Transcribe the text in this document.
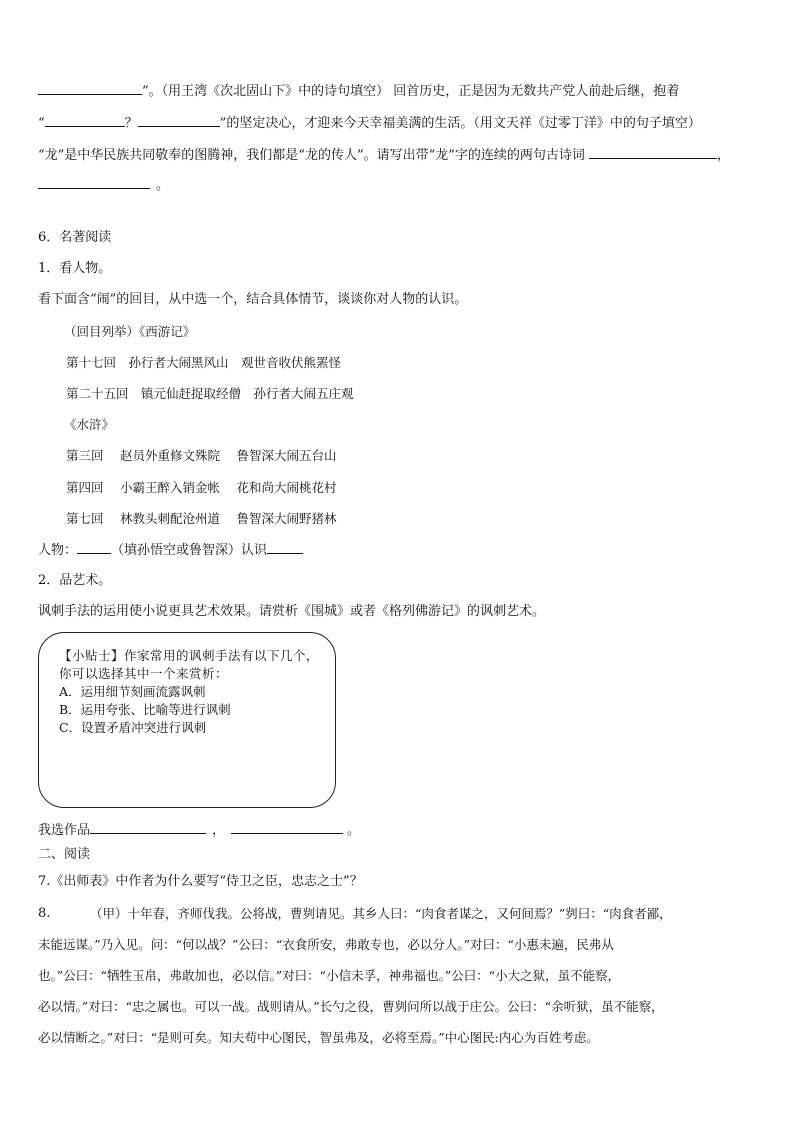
”。（用王湾《次北固山下》中的诗句填空） 回首历史，正是因为无数共产党人前赴后继，抱着
“	？	”的坚定决心，才迎来今天幸福美满的生活。（用文天祥《过零丁洋》中的句子填空）
“龙”是中华民族共同敬奉的图腾神，我们都是“龙的传人”。请写出带“龙”字的连续的两句古诗词	，
。
6．名著阅读
1．看人物。
看下面含“闹”的回目，从中选一个，结合具体情节，谈谈你对人物的认识。
（回目列举）《西游记》
第十七回　孙行者大闹黑风山　观世音收伏熊罴怪
第二十五回　镇元仙赶捉取经僧　孙行者大闹五庄观
《水浒》
第三回　 赵员外重修文殊院　 鲁智深大闹五台山
第四回　 小霸王醉入销金帐　 花和尚大闹桃花村
第七回　 林教头刺配沧州道　 鲁智深大闹野猪林
人物：	（填孙悟空或鲁智深）认识
2．品艺术。
讽刺手法的运用使小说更具艺术效果。请赏析《围城》或者《格列佛游记》的讽刺艺术。
【小贴士】作家常用的讽刺手法有以下几个，你可以选择其中一个来赏析：
A．运用细节刻画流露讽刺
B．运用夸张、比喻等进行讽刺
C．设置矛盾冲突进行讽刺
我选作品	，	。
二、阅读
7.《出师表》中作者为什么要写“侍卫之臣，忠志之士”？
8.	（甲）十年春，齐师伐我。公将战，曹刿请见。其乡人曰：“肉食者谋之，又何间焉？”刿曰：“肉食者鄙，
未能远谋。”乃入见。问：“何以战？”公曰：“衣食所安，弗敢专也，必以分人。”对曰：“小惠未遍，民弗从
也。”公曰：“牺牲玉帛，弗敢加也，必以信。”对曰：“小信未孚，神弗福也。”公曰：“小大之狱，虽不能察，
必以情。”对曰：“忠之属也。可以一战。战则请从。”长勺之役，曹刿问所以战于庄公。公曰：“余听狱，虽不能察，
必以情断之。”对曰：“是则可矣。知夫苟中心图民，智虽弗及，必将至焉。”中心图民:内心为百姓考虑。
